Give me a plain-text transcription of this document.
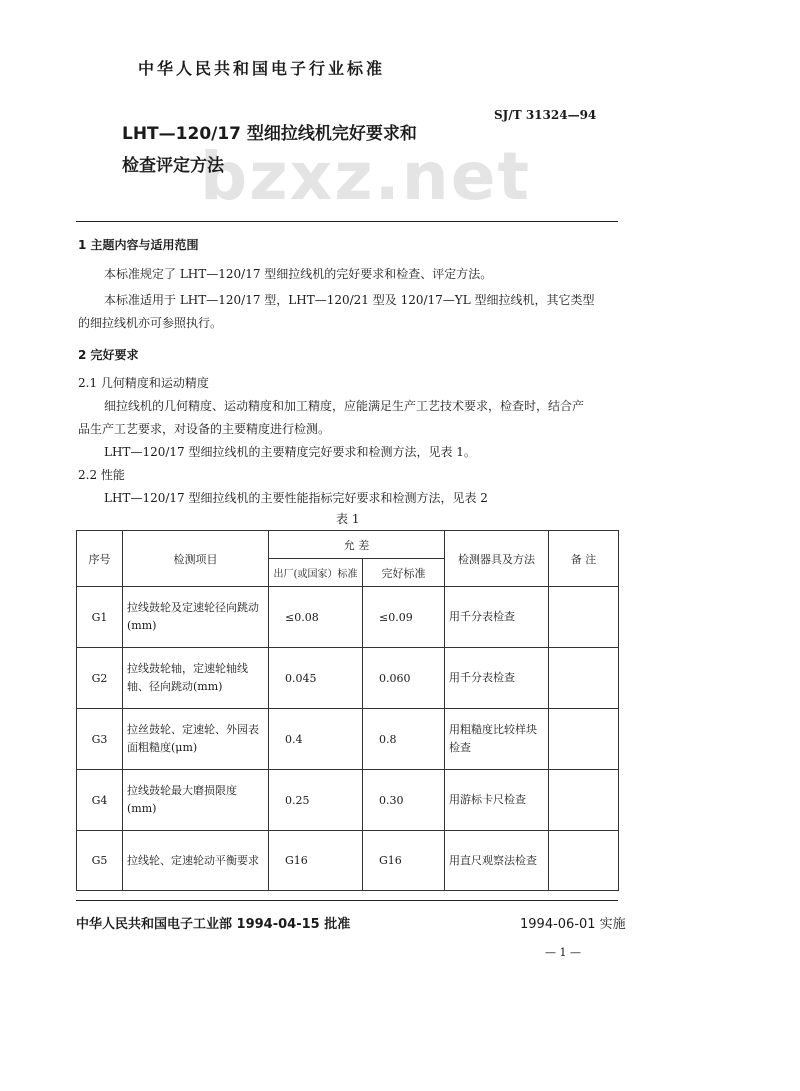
中华人民共和国电子行业标准
bzxz.net
LHT—120/17 型细拉线机完好要求和
检查评定方法
SJ/T 31324—94
1 主题内容与适用范围
本标准规定了 LHT—120/17 型细拉线机的完好要求和检查、评定方法。
本标准适用于 LHT—120/17 型，LHT—120/21 型及 120/17—YL 型细拉线机，其它类型
的细拉线机亦可参照执行。
2 完好要求
2.1 几何精度和运动精度
细拉线机的几何精度、运动精度和加工精度，应能满足生产工艺技术要求，检查时，结合产
品生产工艺要求，对设备的主要精度进行检测。
LHT—120/17 型细拉线机的主要精度完好要求和检测方法，见表 1。
2.2 性能
LHT—120/17 型细拉线机的主要性能指标完好要求和检测方法，见表 2
表 1
序号	检测项目	允 差		检测器具及方法	备 注
		出厂(或国家）标准	完好标准		
G1	拉线鼓轮及定速轮径向跳动(mm)	≤0.08	≤0.09	用千分表检查	
G2	拉线鼓轮轴，定速轮轴线轴、径向跳动(mm)	0.045	0.060	用千分表检查	
G3	拉丝鼓轮、定速轮、外园表面粗糙度(μm)	0.4	0.8	用粗糙度比较样块检查	
G4	拉线鼓轮最大磨损限度(mm)	0.25	0.30	用游标卡尺检查	
G5	拉线轮、定速轮动平衡要求	G16	G16	用直尺观察法检查	
中华人民共和国电子工业部 1994-04-15 批准	1994-06-01 实施
— 1 —
